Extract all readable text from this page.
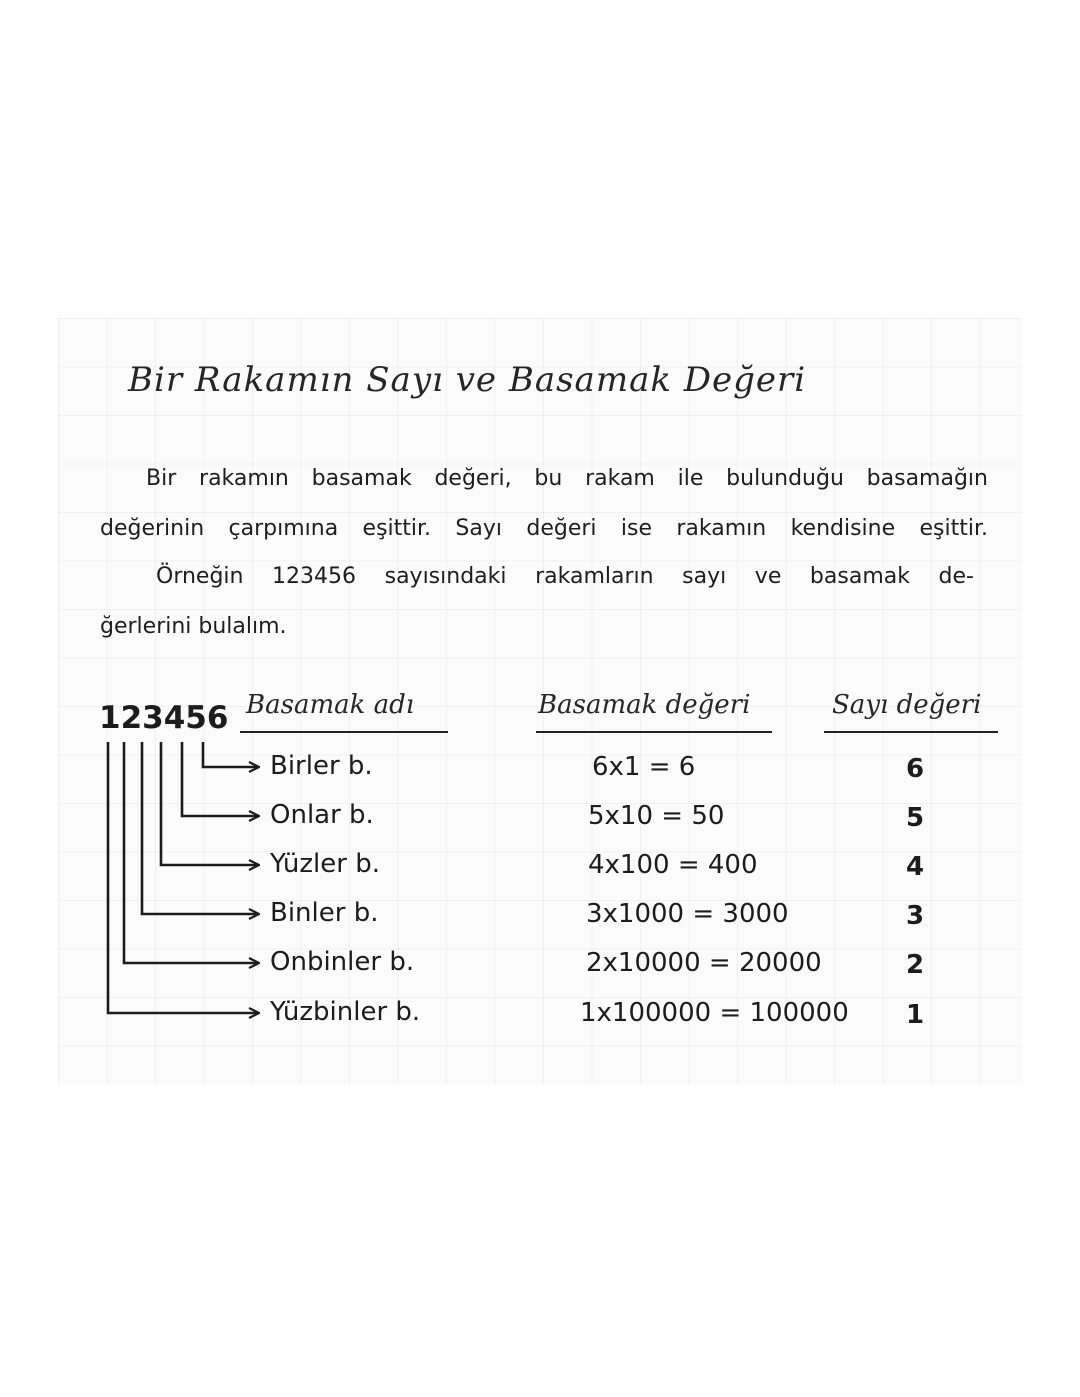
Bir Rakamın Sayı ve Basamak Değeri

Bir rakamın basamak değeri, bu rakam ile bulunduğu basamağın

değerinin çarpımına eşittir. Sayı değeri ise rakamın kendisine eşittir.

Örneğin 123456 sayısındaki rakamların sayı ve basamak de-

ğerlerini bulalım.

123456 Basamak adı	Basamak değeri	Sayı değeri
Birler b.
Onlar b.
Yüzler b.
Binler b.
Onbinler b.
Yüzbinler b.
6x1 = 6
5x10 = 50
4x100 = 400
3x1000 = 3000
2x10000 = 20000
1x100000 = 100000
6
5
4
3
2
1
